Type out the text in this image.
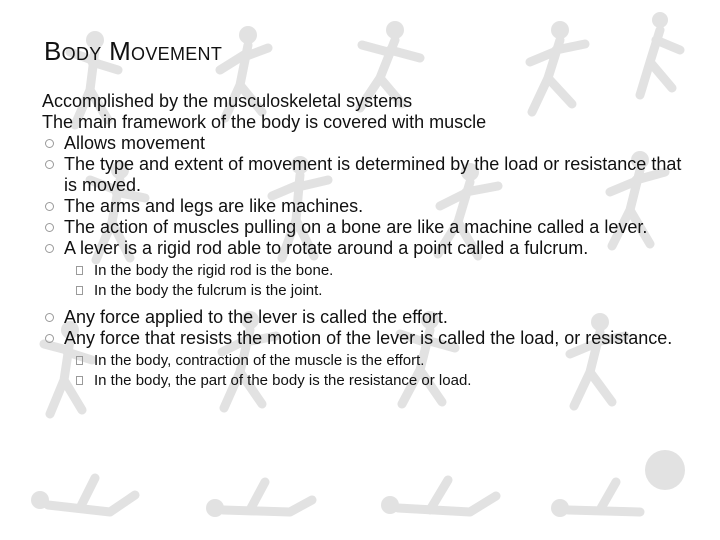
Body Movement

Accomplished by the musculoskeletal systems

The main framework of the body is covered with muscle

Allows movement
The type and extent of movement is determined by the load or resistance that is moved.
The arms and legs are like machines.
The action of muscles pulling on a bone are like a machine called a lever.
A lever is a rigid rod able to rotate around a point called a fulcrum.
In the body the rigid rod is the bone.
In the body the fulcrum is the joint.
Any force applied to the lever is called the effort.
Any force that resists the motion of the lever is called the load, or resistance.
In the body, contraction of the muscle is the effort.
In the body, the part of the body is the resistance or load.
